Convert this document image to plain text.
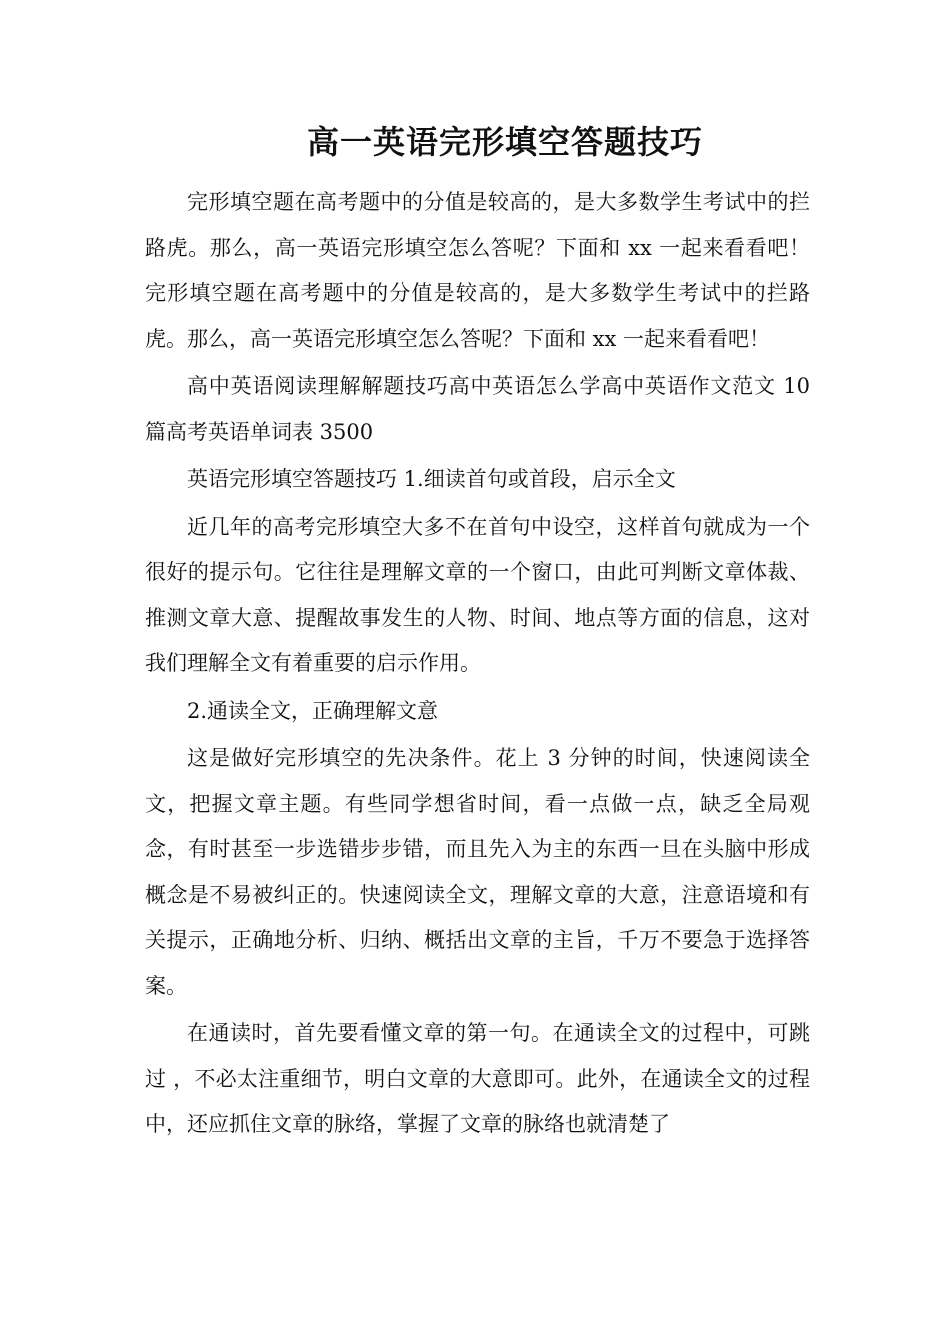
高一英语完形填空答题技巧

完形填空题在高考题中的分值是较高的，是大多数学生考试中的拦路虎。那么，高一英语完形填空怎么答呢？下面和 xx 一起来看看吧！完形填空题在高考题中的分值是较高的，是大多数学生考试中的拦路虎。那么，高一英语完形填空怎么答呢？下面和 xx 一起来看看吧！

高中英语阅读理解解题技巧高中英语怎么学高中英语作文范文 10 篇高考英语单词表 3500

英语完形填空答题技巧 1.细读首句或首段，启示全文

近几年的高考完形填空大多不在首句中设空，这样首句就成为一个很好的提示句。它往往是理解文章的一个窗口，由此可判断文章体裁、推测文章大意、提醒故事发生的人物、时间、地点等方面的信息，这对我们理解全文有着重要的启示作用。

2.通读全文，正确理解文意

这是做好完形填空的先决条件。花上 3 分钟的时间，快速阅读全文，把握文章主题。有些同学想省时间，看一点做一点，缺乏全局观念，有时甚至一步选错步步错，而且先入为主的东西一旦在头脑中形成概念是不易被纠正的。快速阅读全文，理解文章的大意，注意语境和有关提示，正确地分析、归纳、概括出文章的主旨，千万不要急于选择答案。

在通读时，首先要看懂文章的第一句。在通读全文的过程中，可跳过 ，不必太注重细节，明白文章的大意即可。此外，在通读全文的过程中，还应抓住文章的脉络，掌握了文章的脉络也就清楚了
